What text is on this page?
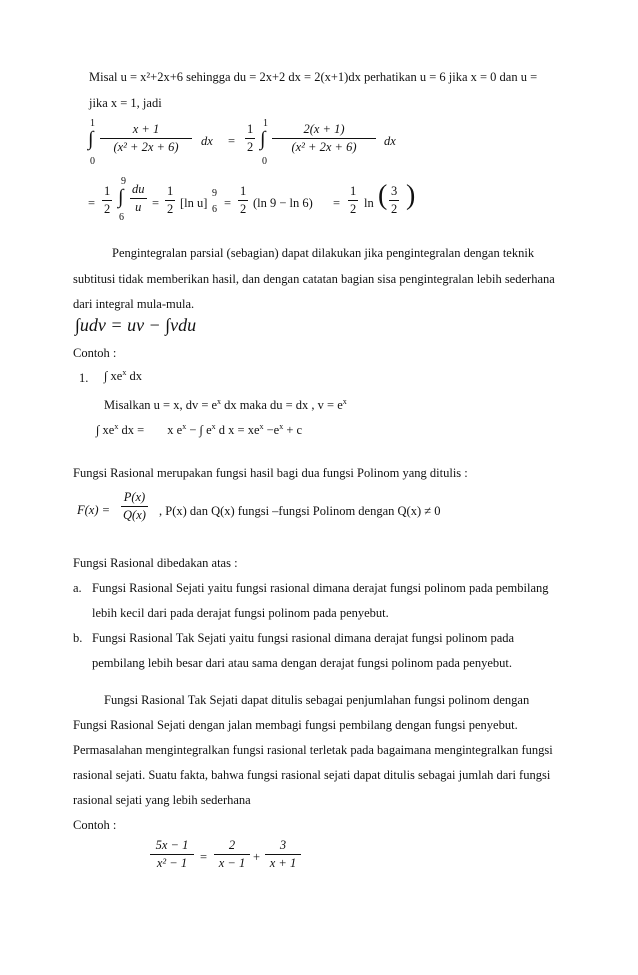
Misal u = x²+2x+6 sehingga du = 2x+2 dx = 2(x+1)dx perhatikan u = 6 jika x = 0 dan u =
jika x = 1, jadi
1
∫
0
$\frac{x + 1}{\text{(x² + 2x + 6)}}$ dx = $\frac{1}{2} 1$
∫
0
$\frac{2(x + 1)}{\text{(x² + 2x + 6)}}$ dx
= $\frac{1}{2}$
9
∫
6
$\frac{du}{u} = \frac{1}{2} [\ln$ u]
9
$6 = \frac{1}{2} (\ln$ $9 - \ln 6) = \frac{1}{2}$ ln ( $\frac{3}{2}$ )
Pengintegralan parsial (sebagian) dapat dilakukan jika pengintegralan dengan teknik
subtitusi tidak memberikan hasil, dan dengan catatan bagian sisa pengintegralan lebih sederhana
dari integral mula-mula.
∫udv = uv − ∫vdu
Contoh :
1. ∫ $xe^x$ dx
Misalkan u = x, dv = $e^x$ dx maka du = dx , $v = e^x$
∫ $xe^x$ dx = x $e^x$ − ∫ $e^x$ d $x = xe^x -e^x + c$
Fungsi Rasional merupakan fungsi hasil bagi dua fungsi Polinom yang ditulis :
$F(x) = \frac{P(x)}{Q(x)}$ , P(x) dan Q(x) fungsi –fungsi Polinom dengan Q(x) ≠ 0
Fungsi Rasional dibedakan atas :
a. Fungsi Rasional Sejati yaitu fungsi rasional dimana derajat fungsi polinom pada pembilang
lebih kecil dari pada derajat fungsi polinom pada penyebut.
b. Fungsi Rasional Tak Sejati yaitu fungsi rasional dimana derajat fungsi polinom pada
pembilang lebih besar dari atau sama dengan derajat fungsi polinom pada penyebut.
Fungsi Rasional Tak Sejati dapat ditulis sebagai penjumlahan fungsi polinom dengan
Fungsi Rasional Sejati dengan jalan membagi fungsi pembilang dengan fungsi penyebut.
Permasalahan mengintegralkan fungsi rasional terletak pada bagaimana mengintegralkan fungsi
rasional sejati. Suatu fakta, bahwa fungsi rasional sejati dapat ditulis sebagai jumlah dari fungsi
rasional sejati yang lebih sederhana
Contoh :
$\frac{5x - 1}{\text{x² − 1}} = \frac{2}{x - 1} + \frac{3}{x + 1}$
